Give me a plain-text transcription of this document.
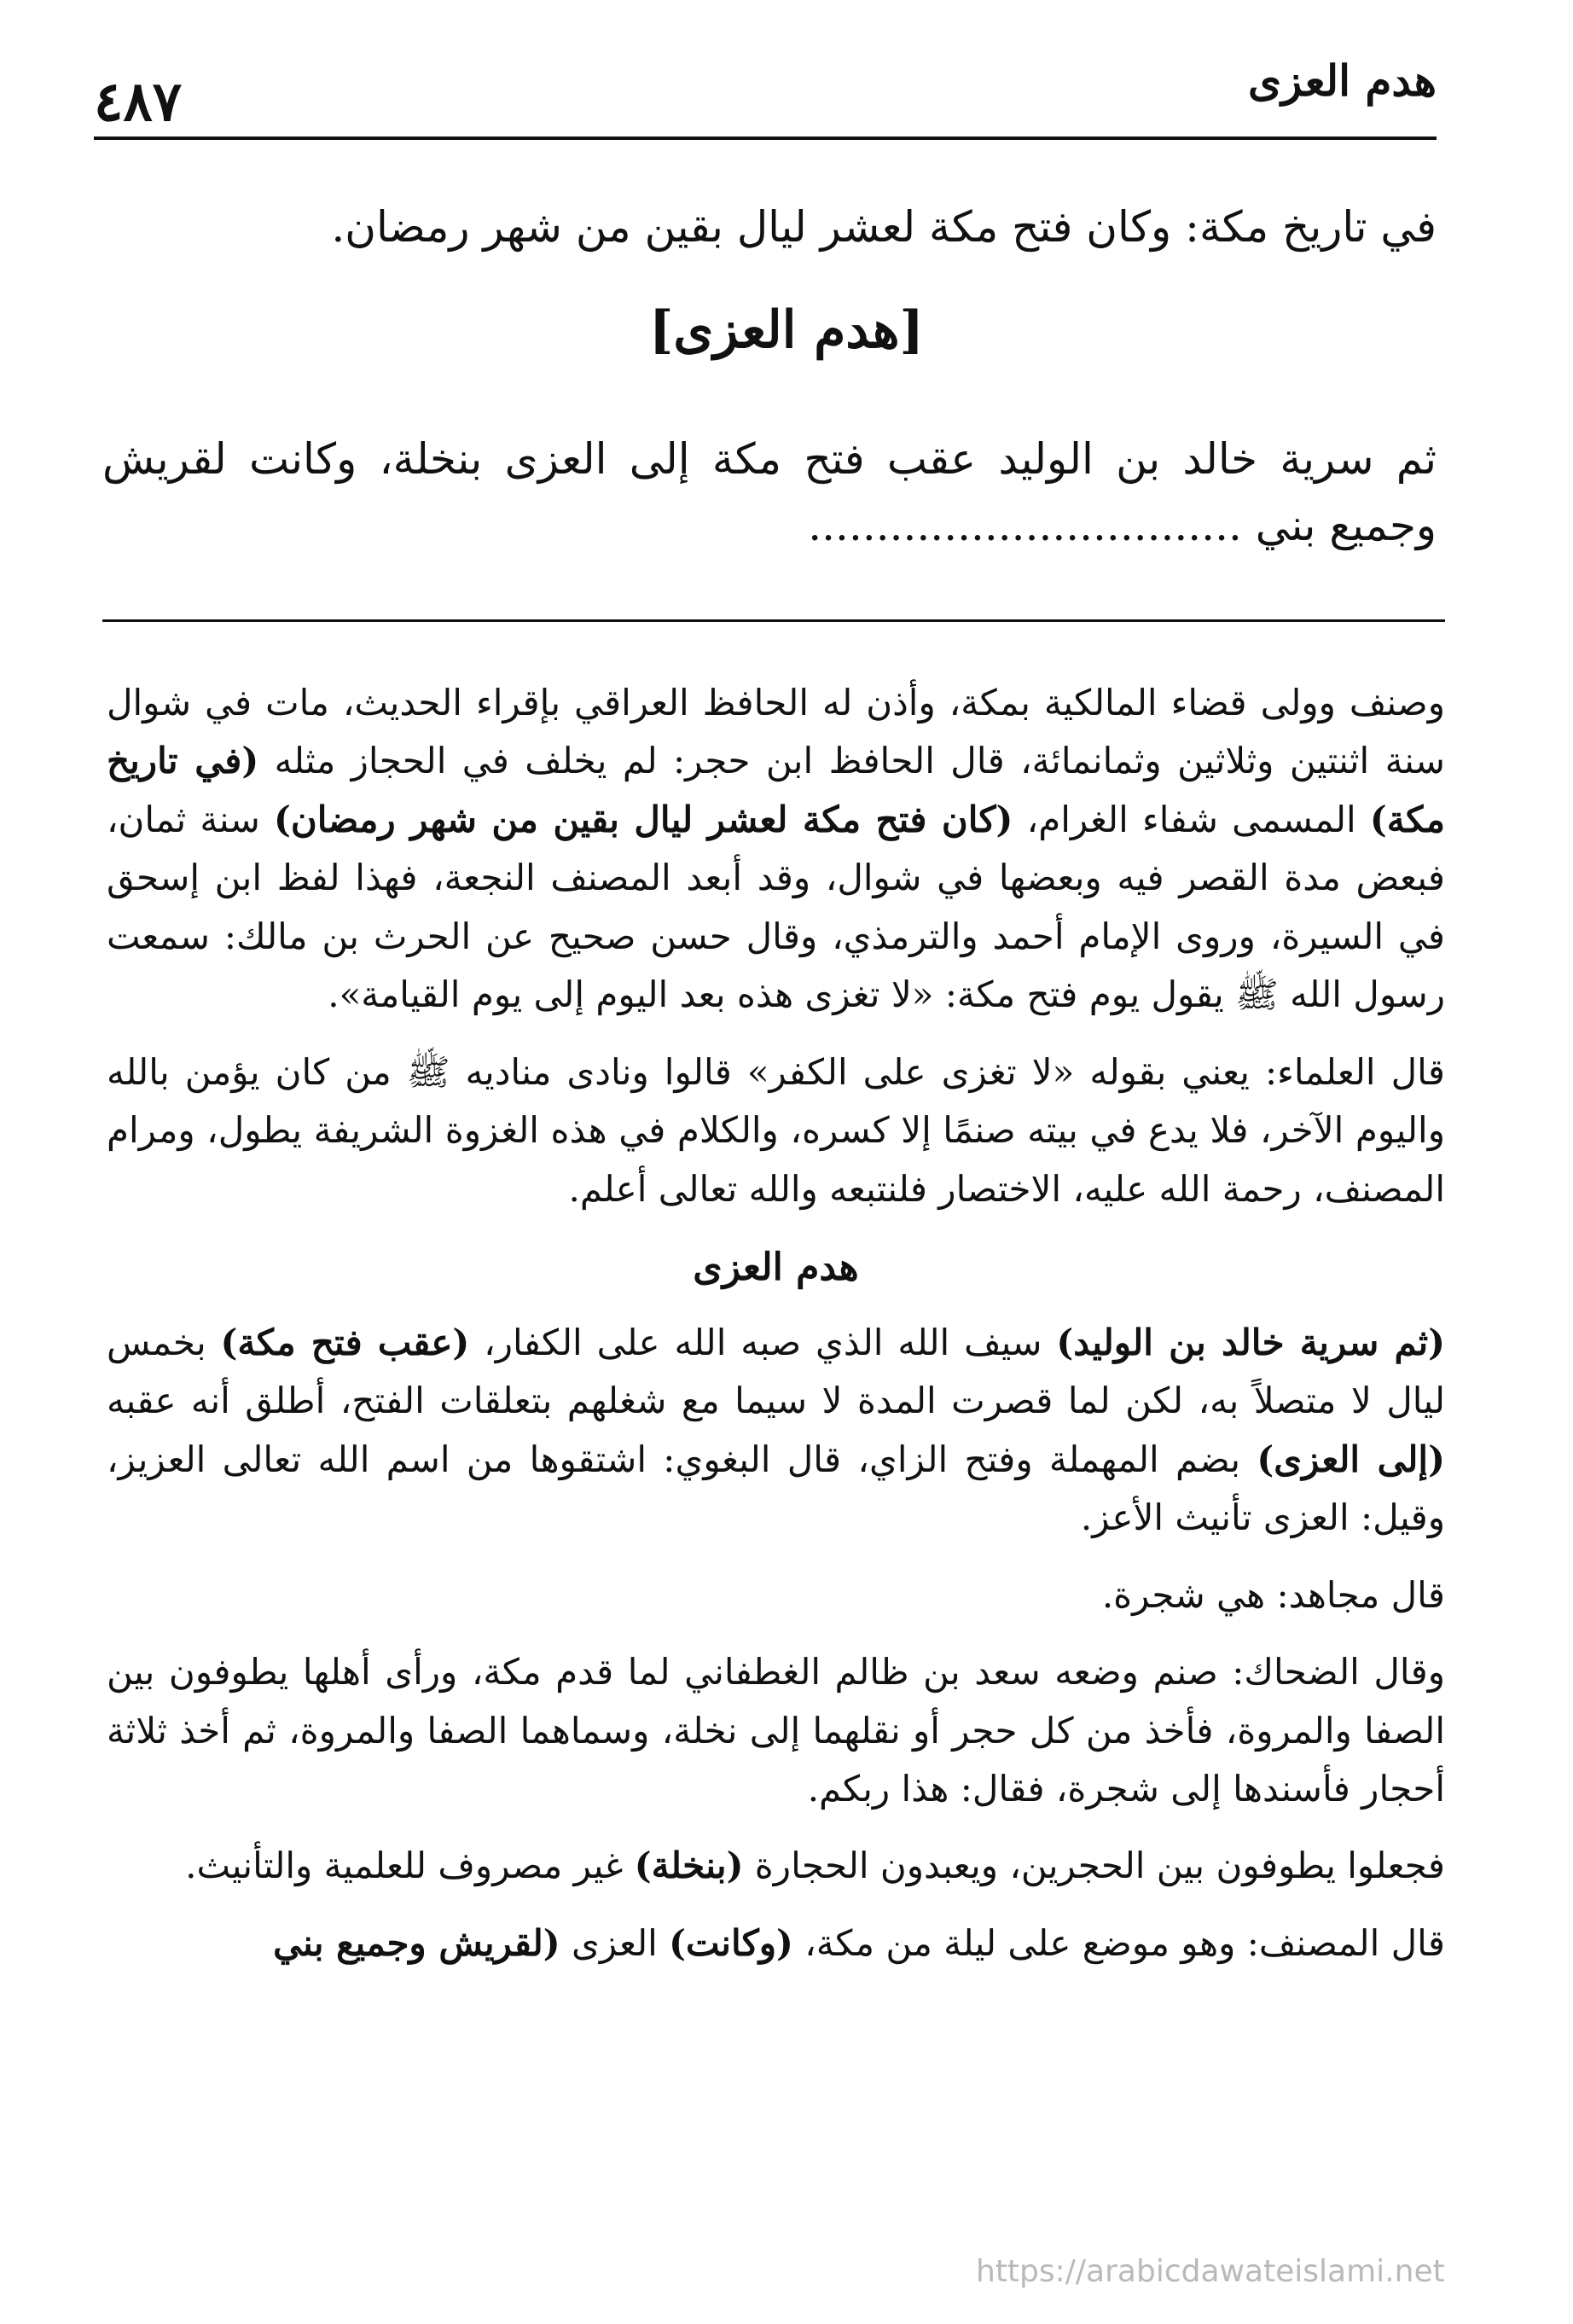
هدم العزى
٤٨٧
في تاريخ مكة: وكان فتح مكة لعشر ليال بقين من شهر رمضان.
[هدم العزى]
ثم سرية خالد بن الوليد عقب فتح مكة إلى العزى بنخلة، وكانت لقريش وجميع بني ................................

وصنف وولى قضاء المالكية بمكة، وأذن له الحافظ العراقي بإقراء الحديث، مات في شوال سنة اثنتين وثلاثين وثمانمائة، قال الحافظ ابن حجر: لم يخلف في الحجاز مثله (في تاريخ مكة) المسمى شفاء الغرام، (كان فتح مكة لعشر ليال بقين من شهر رمضان) سنة ثمان، فبعض مدة القصر فيه وبعضها في شوال، وقد أبعد المصنف النجعة، فهذا لفظ ابن إسحق في السيرة، وروى الإمام أحمد والترمذي، وقال حسن صحيح عن الحرث بن مالك: سمعت رسول الله ﷺ يقول يوم فتح مكة: «لا تغزى هذه بعد اليوم إلى يوم القيامة».

قال العلماء: يعني بقوله «لا تغزى على الكفر» قالوا ونادى مناديه ﷺ من كان يؤمن بالله واليوم الآخر، فلا يدع في بيته صنمًا إلا كسره، والكلام في هذه الغزوة الشريفة يطول، ومرام المصنف، رحمة الله عليه، الاختصار فلنتبعه والله تعالى أعلم.

هدم العزى

(ثم سرية خالد بن الوليد) سيف الله الذي صبه الله على الكفار، (عقب فتح مكة) بخمس ليال لا متصلاً به، لكن لما قصرت المدة لا سيما مع شغلهم بتعلقات الفتح، أطلق أنه عقبه (إلى العزى) بضم المهملة وفتح الزاي، قال البغوي: اشتقوها من اسم الله تعالى العزيز، وقيل: العزى تأنيث الأعز.

قال مجاهد: هي شجرة.

وقال الضحاك: صنم وضعه سعد بن ظالم الغطفاني لما قدم مكة، ورأى أهلها يطوفون بين الصفا والمروة، فأخذ من كل حجر أو نقلهما إلى نخلة، وسماهما الصفا والمروة، ثم أخذ ثلاثة أحجار فأسندها إلى شجرة، فقال: هذا ربكم.

فجعلوا يطوفون بين الحجرين، ويعبدون الحجارة (بنخلة) غير مصروف للعلمية والتأنيث.

قال المصنف: وهو موضع على ليلة من مكة، (وكانت) العزى (لقريش وجميع بني

https://arabicdawateislami.net
